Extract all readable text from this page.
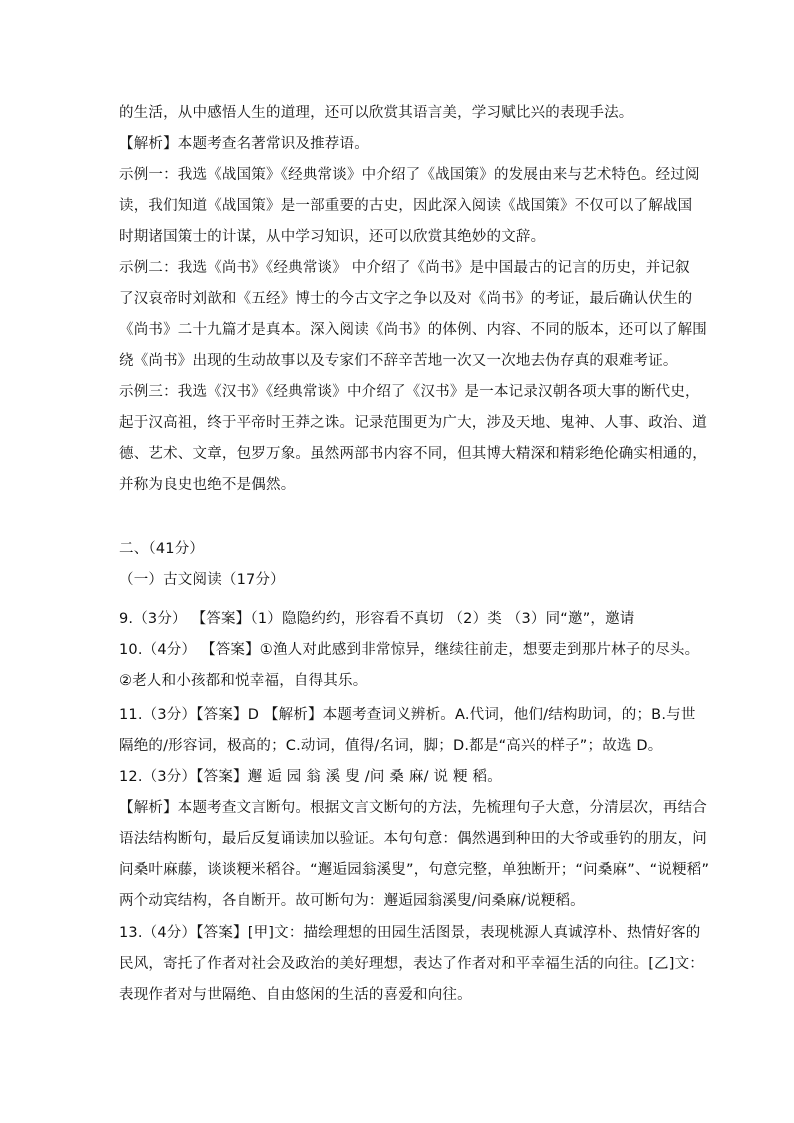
的生活，从中感悟人生的道理，还可以欣赏其语言美，学习赋比兴的表现手法。
【解析】本题考查名著常识及推荐语。
示例一：我选《战国策》《经典常谈》中介绍了《战国策》的发展由来与艺术特色。经过阅
读，我们知道《战国策》是一部重要的古史，因此深入阅读《战国策》不仅可以了解战国
时期诸国策士的计谋，从中学习知识，还可以欣赏其绝妙的文辞。
示例二：我选《尚书》《经典常谈》 中介绍了《尚书》是中国最古的记言的历史，并记叙
了汉哀帝时刘歆和《五经》博士的今古文字之争以及对《尚书》的考证，最后确认伏生的
《尚书》二十九篇才是真本。深入阅读《尚书》的体例、内容、不同的版本，还可以了解围
绕《尚书》出现的生动故事以及专家们不辞辛苦地一次又一次地去伪存真的艰难考证。
示例三：我选《汉书》《经典常谈》中介绍了《汉书》是一本记录汉朝各项大事的断代史，
起于汉高祖，终于平帝时王莽之诛。记录范围更为广大，涉及天地、鬼神、人事、政治、道
德、艺术、文章，包罗万象。虽然两部书内容不同，但其博大精深和精彩绝伦确实相通的，
并称为良史也绝不是偶然。
二、（41分）
（一）古文阅读（17分）
9.（3分） 【答案】（1）隐隐约约，形容看不真切 （2）类 （3）同“邀”，邀请
10.（4分） 【答案】①渔人对此感到非常惊异，继续往前走，想要走到那片林子的尽头。
②老人和小孩都和悦幸福，自得其乐。
11.（3分）【答案】D 【解析】本题考查词义辨析。A.代词，他们/结构助词，的；B.与世
隔绝的/形容词，极高的；C.动词，值得/名词，脚；D.都是“高兴的样子”；故选 D。
12.（3分）【答案】邂 逅 园 翁 溪 叟 /问 桑 麻/ 说 粳 稻。
【解析】本题考查文言断句。根据文言文断句的方法，先梳理句子大意，分清层次，再结合
语法结构断句，最后反复诵读加以验证。本句句意：偶然遇到种田的大爷或垂钓的朋友，问
问桑叶麻藤，谈谈粳米稻谷。“邂逅园翁溪叟”，句意完整，单独断开；“问桑麻”、“说粳稻”
两个动宾结构，各自断开。故可断句为：邂逅园翁溪叟/问桑麻/说粳稻。
13.（4分）【答案】[甲]文：描绘理想的田园生活图景，表现桃源人真诚淳朴、热情好客的
民风，寄托了作者对社会及政治的美好理想，表达了作者对和平幸福生活的向往。[乙]文：
表现作者对与世隔绝、自由悠闲的生活的喜爱和向往。
